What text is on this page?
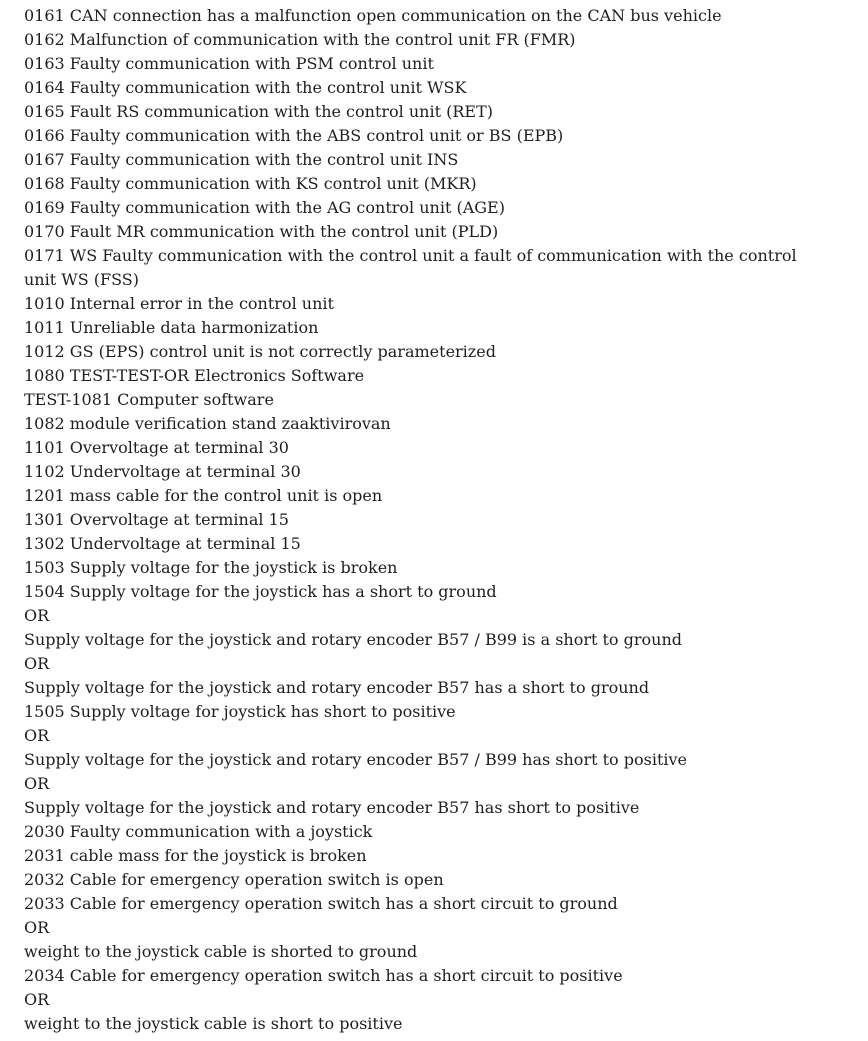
0161 CAN connection has a malfunction open communication on the CAN bus vehicle
0162 Malfunction of communication with the control unit FR (FMR)
0163 Faulty communication with PSM control unit
0164 Faulty communication with the control unit WSK
0165 Fault RS communication with the control unit (RET)
0166 Faulty communication with the ABS control unit or BS (EPB)
0167 Faulty communication with the control unit INS
0168 Faulty communication with KS control unit (MKR)
0169 Faulty communication with the AG control unit (AGE)
0170 Fault MR communication with the control unit (PLD)
0171 WS Faulty communication with the control unit a fault of communication with the control unit WS (FSS)
1010 Internal error in the control unit
1011 Unreliable data harmonization
1012 GS (EPS) control unit is not correctly parameterized
1080 TEST-TEST-OR Electronics Software
TEST-1081 Computer software
1082 module verification stand zaaktivirovan
1101 Overvoltage at terminal 30
1102 Undervoltage at terminal 30
1201 mass cable for the control unit is open
1301 Overvoltage at terminal 15
1302 Undervoltage at terminal 15
1503 Supply voltage for the joystick is broken
1504 Supply voltage for the joystick has a short to ground
OR
Supply voltage for the joystick and rotary encoder B57 / B99 is a short to ground
OR
Supply voltage for the joystick and rotary encoder B57 has a short to ground
1505 Supply voltage for joystick has short to positive
OR
Supply voltage for the joystick and rotary encoder B57 / B99 has short to positive
OR
Supply voltage for the joystick and rotary encoder B57 has short to positive
2030 Faulty communication with a joystick
2031 cable mass for the joystick is broken
2032 Cable for emergency operation switch is open
2033 Cable for emergency operation switch has a short circuit to ground
OR
weight to the joystick cable is shorted to ground
2034 Cable for emergency operation switch has a short circuit to positive
OR
weight to the joystick cable is short to positive
